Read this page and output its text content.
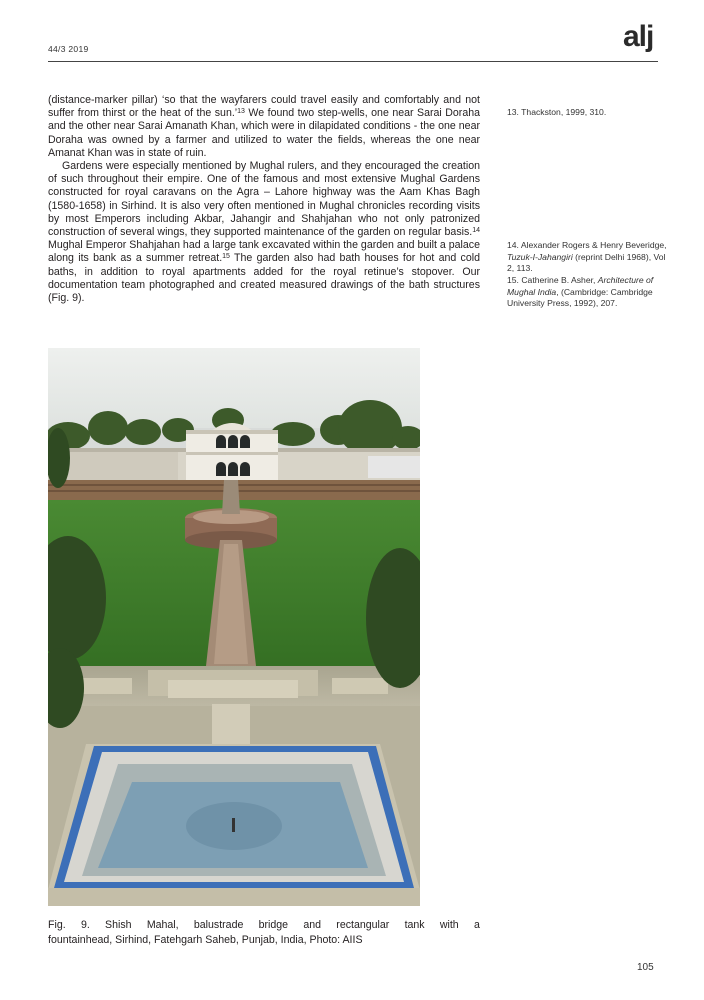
44/3 2019	alj

(distance-marker pillar) ‘so that the wayfarers could travel easily and comfortably and not suffer from thirst or the heat of the sun.’$^{13}$ We found two step-wells, one near Sarai Doraha and the other near Sarai Amanath Khan, which were in dilapidated conditions - the one near Doraha was owned by a farmer and utilized to water the fields, whereas the one near Amanat Khan was in state of ruin.

Gardens were especially mentioned by Mughal rulers, and they encouraged the creation of such throughout their empire. One of the famous and most extensive Mughal Gardens constructed for royal caravans on the Agra – Lahore highway was the Aam Khas Bagh (1580-1658) in Sirhind. It is also very often mentioned in Mughal chronicles recording visits by most Emperors including Akbar, Jahangir and Shahjahan who not only patronized construction of several wings, they supported maintenance of the garden on regular basis.$^{14}$ Mughal Emperor Shahjahan had a large tank excavated within the garden and built a palace along its bank as a summer retreat.$^{15}$ The garden also had bath houses for hot and cold baths, in addition to royal apartments added for the royal retinue’s stopover. Our documentation team photographed and created measured drawings of the bath structures (Fig. 9).

13. Thackston, 1999, 310.
14. Alexander Rogers & Henry Beveridge, Tuzuk-I-Jahangiri (reprint Delhi 1968), Vol 2, 113.
15. Catherine B. Asher, Architecture of Mughal India, (Cambridge: Cambridge University Press, 1992), 207.
Fig. 9. Shish Mahal, balustrade bridge and rectangular tank with a
fountainhead, Sirhind, Fatehgarh Saheb, Punjab, India, Photo: AIIS
105
